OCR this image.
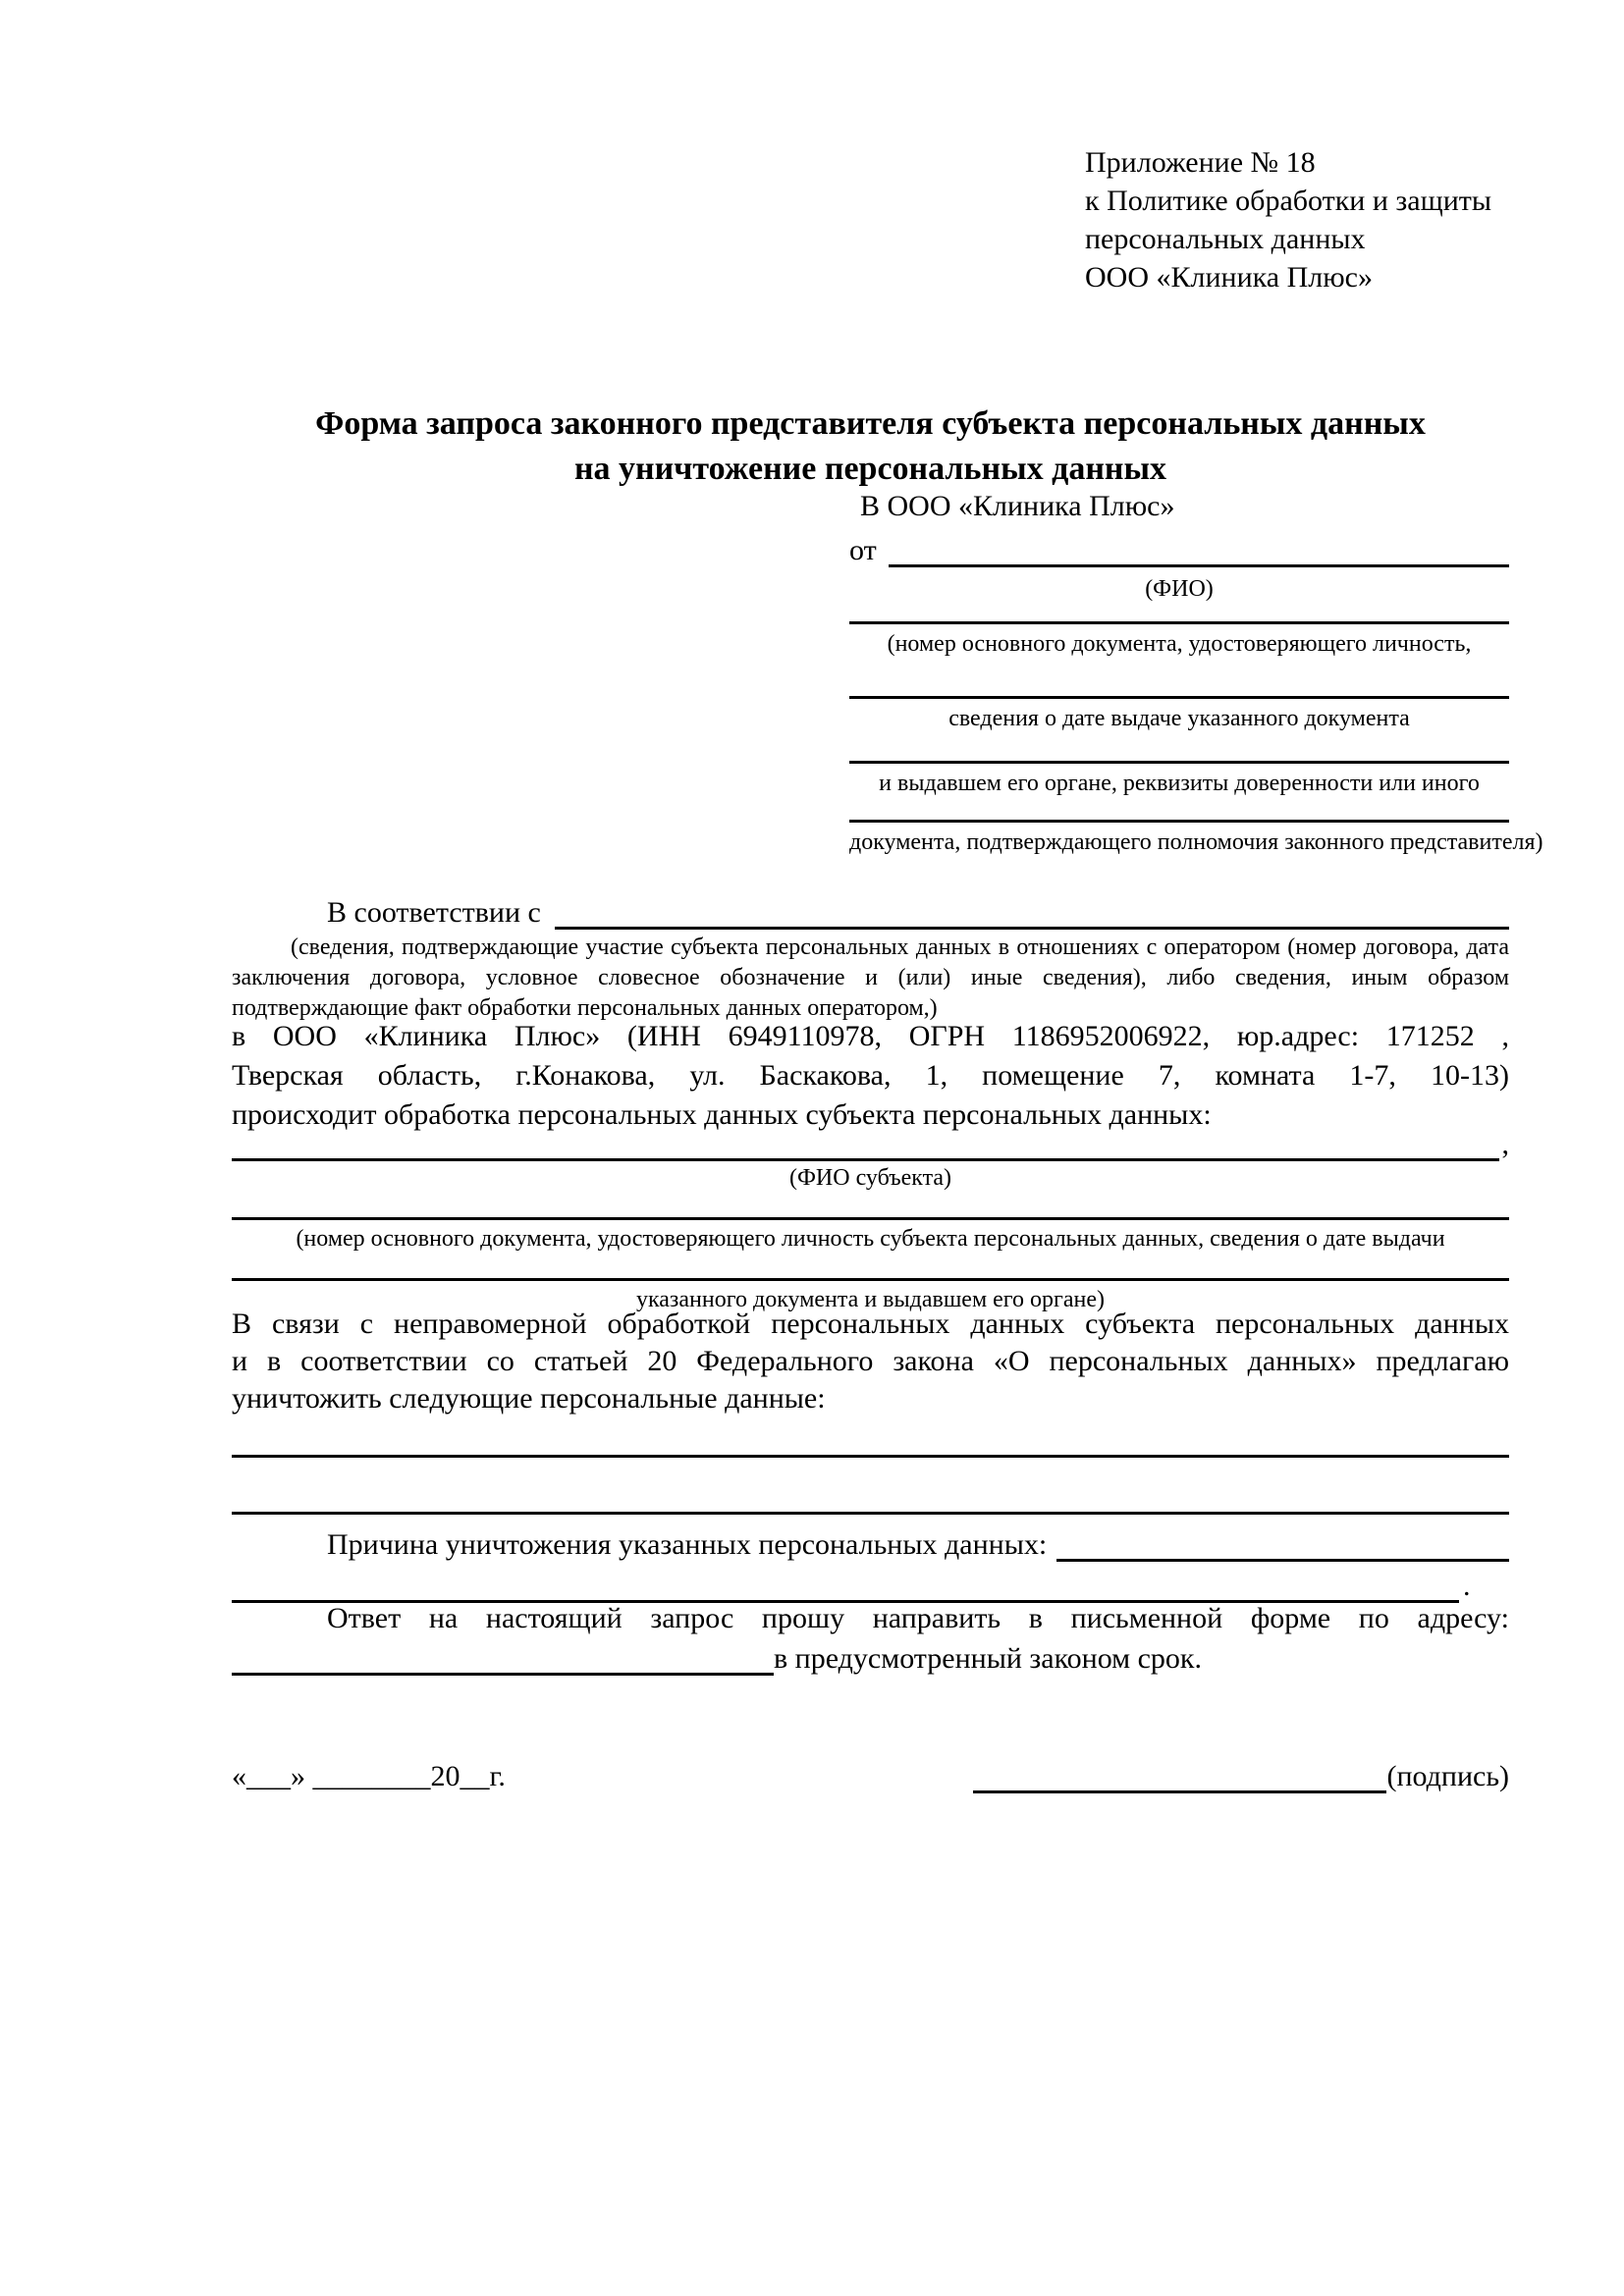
Приложение № 18
к Политике обработки и защиты
персональных данных
ООО «Клиника Плюс»
Форма запроса законного представителя субъекта персональных данных
на уничтожение персональных данных
В ООО «Клиника Плюс»
от
(ФИО)
(номер основного документа, удостоверяющего личность,
сведения о дате выдаче указанного документа
и выдавшем его органе, реквизиты доверенности или иного
документа, подтверждающего полномочия законного представителя)
В соответствии с
(сведения, подтверждающие участие субъекта персональных данных в отношениях с оператором (номер договора, дата заключения договора, условное словесное обозначение и (или) иные сведения), либо сведения, иным образом подтверждающие факт обработки персональных данных оператором,)
в ООО «Клиника Плюс» (ИНН 6949110978, ОГРН 1186952006922, юр.адрес: 171252 ,
Тверская область, г.Конакова, ул. Баскакова, 1, помещение 7, комната 1-7, 10-13)
происходит обработка персональных данных субъекта персональных данных:
,
(ФИО субъекта)
(номер основного документа, удостоверяющего личность субъекта персональных данных, сведения о дате выдачи
указанного документа и выдавшем его органе)
В связи с неправомерной обработкой персональных данных субъекта персональных данных
и в соответствии со статьей 20 Федерального закона «О персональных данных» предлагаю
уничтожить следующие персональные данные:
Причина уничтожения указанных персональных данных:
.
Ответ на настоящий запрос прошу направить в письменной форме по адресу:
в предусмотренный законом срок.
«___» ________20__г.	(подпись)
